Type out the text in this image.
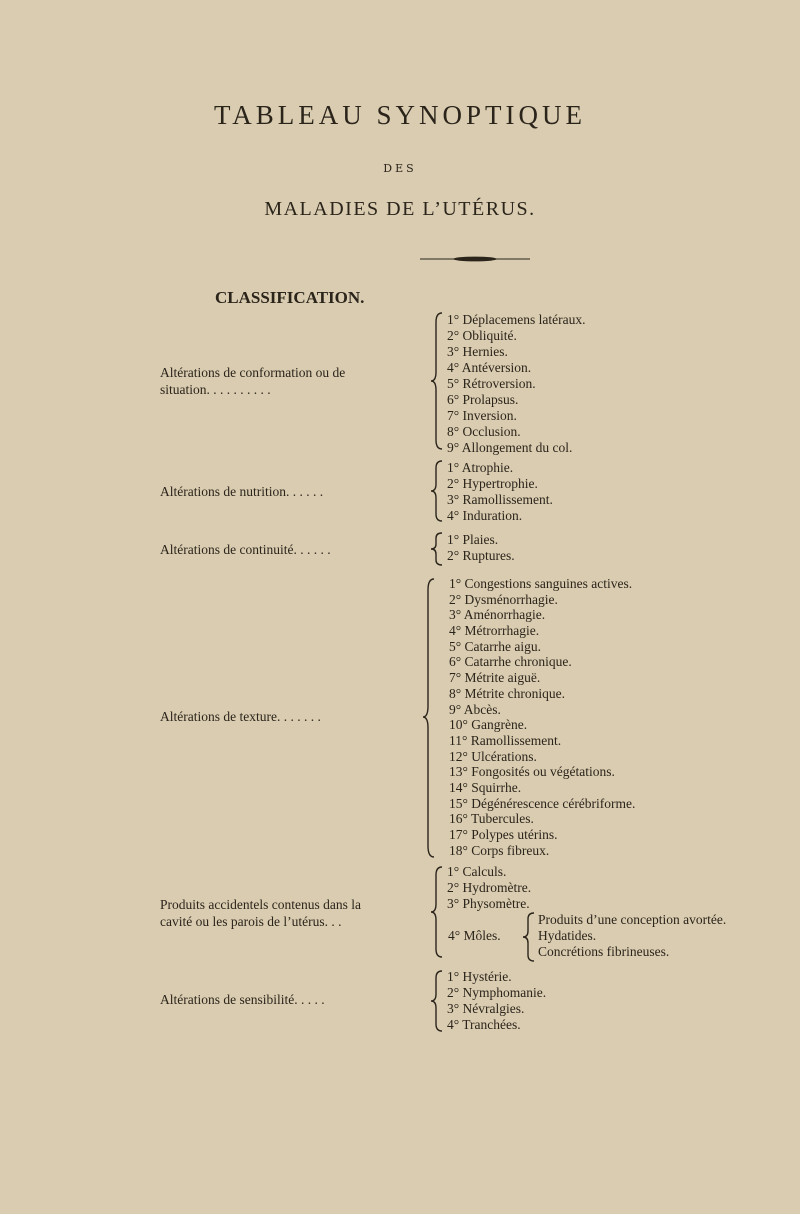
TABLEAU SYNOPTIQUE
DES
MALADIES DE L’UTÉRUS.
CLASSIFICATION.
Altérations de conformation ou de
situation. . . . . . . . . .
1° Déplacemens latéraux.
2° Obliquité.
3° Hernies.
4° Antéversion.
5° Rétroversion.
6° Prolapsus.
7° Inversion.
8° Occlusion.
9° Allongement du col.
Altérations de nutrition. . . . . .
1° Atrophie.
2° Hypertrophie.
3° Ramollissement.
4° Induration.
Altérations de continuité. . . . . .
1° Plaies.
2° Ruptures.
Altérations de texture. . . . . . .
1° Congestions sanguines actives.
2° Dysménorrhagie.
3° Aménorrhagie.
4° Métrorrhagie.
5° Catarrhe aigu.
6° Catarrhe chronique.
7° Métrite aiguë.
8° Métrite chronique.
9° Abcès.
10° Gangrène.
11° Ramollissement.
12° Ulcérations.
13° Fongosités ou végétations.
14° Squirrhe.
15° Dégénérescence cérébriforme.
16° Tubercules.
17° Polypes utérins.
18° Corps fibreux.
Produits accidentels contenus dans la
cavité ou les parois de l’utérus. . .
1° Calculs.
2° Hydromètre.
3° Physomètre.
4° Môles.
Produits d’une conception avortée.
Hydatides.
Concrétions fibrineuses.
Altérations de sensibilité. . . . .
1° Hystérie.
2° Nymphomanie.
3° Névralgies.
4° Tranchées.
